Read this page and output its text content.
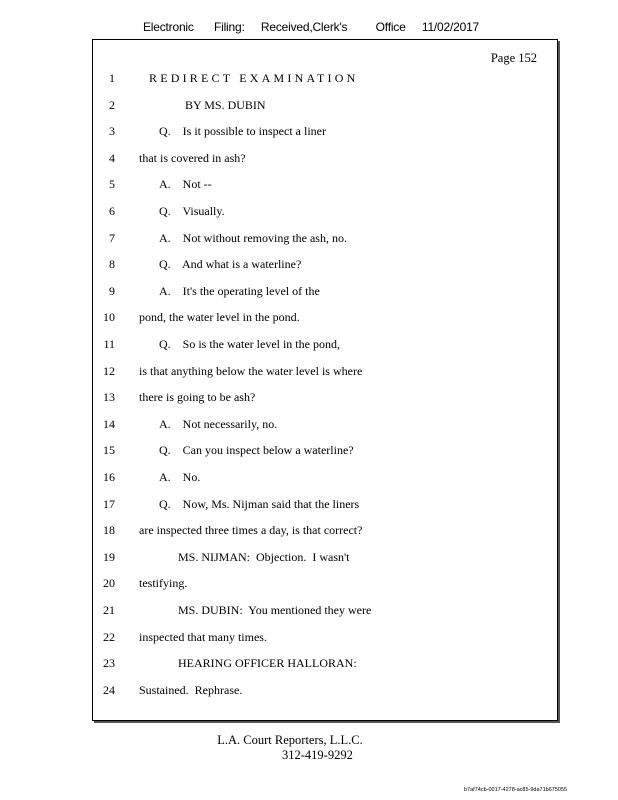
Electronic Filing: Received,Clerk's Office 11/02/2017
Page 152
1	REDIRECT EXAMINATION
2	BY MS. DUBIN
3	Q.    Is it possible to inspect a liner
4 that is covered in ash?
5	A.    Not --
6	Q.    Visually.
7	A.    Not without removing the ash, no.
8	Q.    And what is a waterline?
9	A.    It's the operating level of the
10 pond, the water level in the pond.
11	Q.    So is the water level in the pond,
12 is that anything below the water level is where
13 there is going to be ash?
14	A.    Not necessarily, no.
15	Q.    Can you inspect below a waterline?
16	A.    No.
17	Q.    Now, Ms. Nijman said that the liners
18 are inspected three times a day, is that correct?
19	MS. NIJMAN:  Objection.  I wasn't
20 testifying.
21	MS. DUBIN:  You mentioned they were
22 inspected that many times.
23	HEARING OFFICER HALLORAN:
24 Sustained.  Rephrase.
L.A. Court Reporters, L.L.C.
312-419-9292
b7af74cb-0017-4278-ac85-9da71b675055
